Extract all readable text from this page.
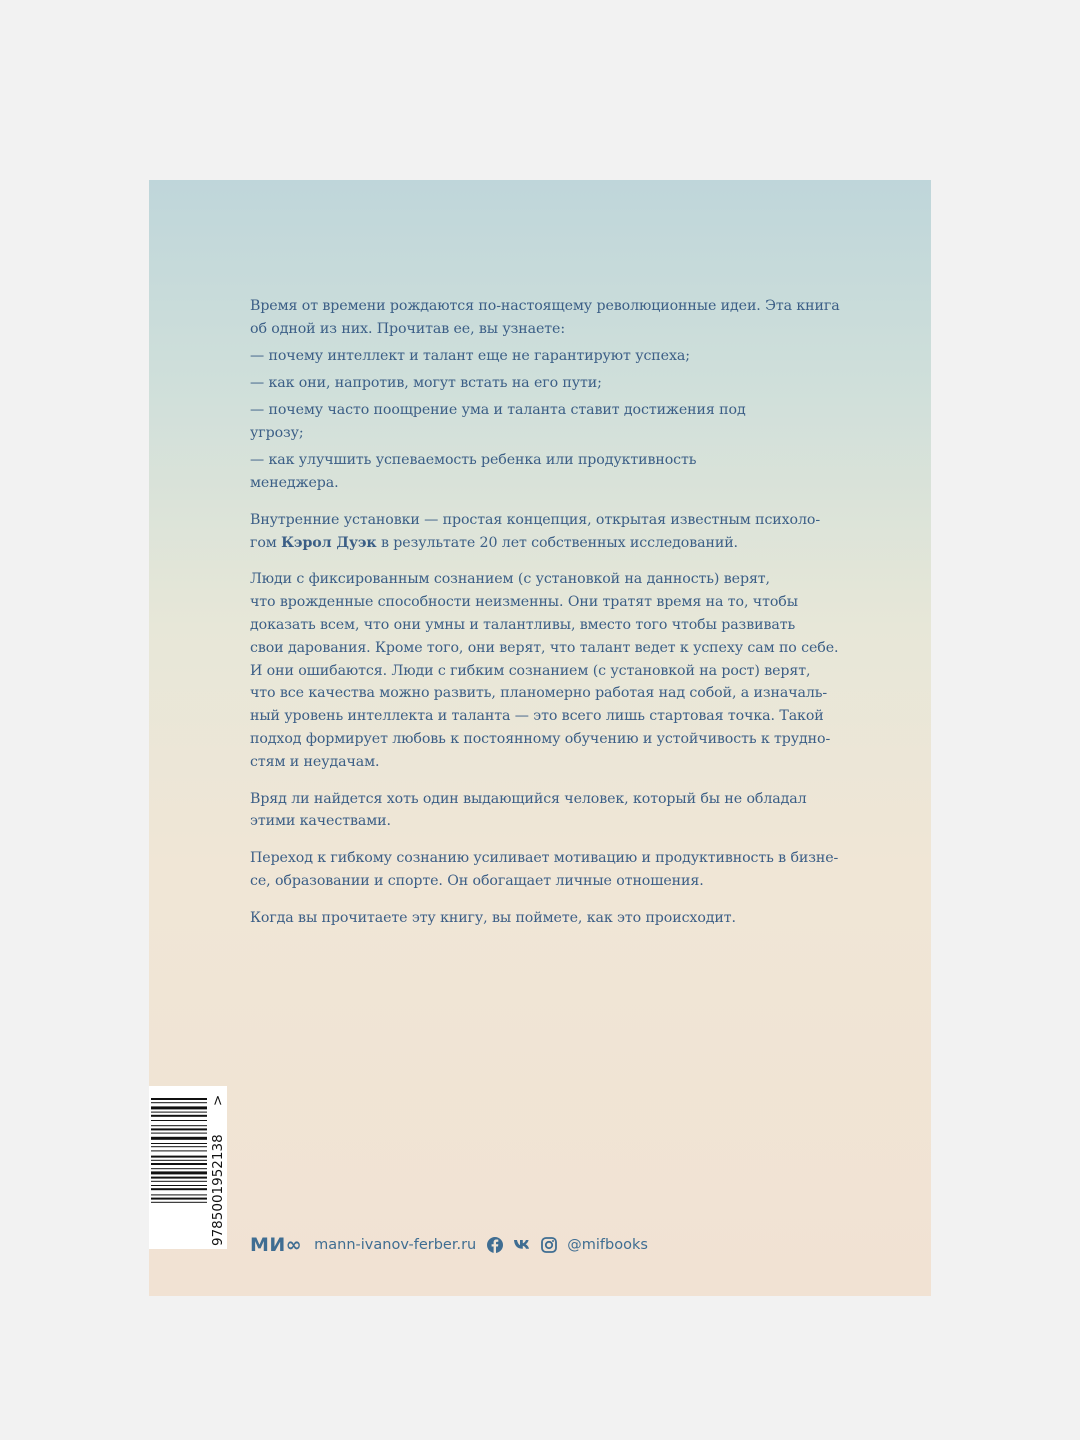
Время от времени рождаются по-настоящему революционные идеи. Эта книга
об одной из них. Прочитав ее, вы узнаете:
— почему интеллект и талант еще не гарантируют успеха;
— как они, напротив, могут встать на его пути;
— почему часто поощрение ума и таланта ставит достижения под угрозу;
— как улучшить успеваемость ребенка или продуктивность менеджера.
Внутренние установки — простая концепция, открытая известным психоло-
гом Кэрол Дуэк в результате 20 лет собственных исследований.
Люди с фиксированным сознанием (с установкой на данность) верят,
что врожденные способности неизменны. Они тратят время на то, чтобы
доказать всем, что они умны и талантливы, вместо того чтобы развивать
свои дарования. Кроме того, они верят, что талант ведет к успеху сам по себе.
И они ошибаются. Люди с гибким сознанием (с установкой на рост) верят,
что все качества можно развить, планомерно работая над собой, а изначаль-
ный уровень интеллекта и таланта — это всего лишь стартовая точка. Такой
подход формирует любовь к постоянному обучению и устойчивость к трудно-
стям и неудачам.
Вряд ли найдется хоть один выдающийся человек, который бы не обладал
этими качествами.
Переход к гибкому сознанию усиливает мотивацию и продуктивность в бизне-
се, образовании и спорте. Он обогащает личные отношения.
Когда вы прочитаете эту книгу, вы поймете, как это происходит.
9785001952138
>
МИ∞ mann-ivanov-ferber.ru	@mifbooks
